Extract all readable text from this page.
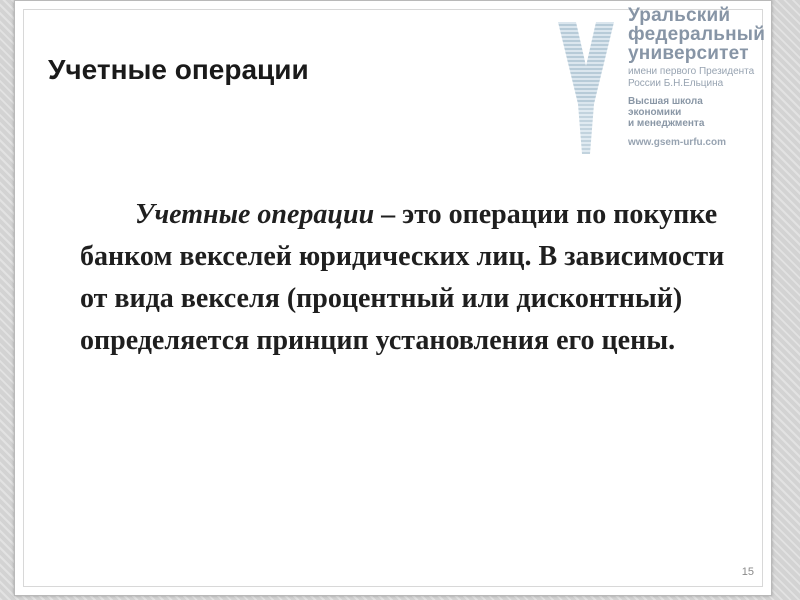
Учетные операции
Уральский
федеральный
университет
имени первого Президента
России Б.Н.Ельцина
Высшая школа
экономики
и менеджмента
www.gsem-urfu.com

Учетные операции – это операции по покупке банком векселей юридических лиц. В зависимости от вида векселя (процентный или дисконтный) определяется принцип установления его цены.

15
